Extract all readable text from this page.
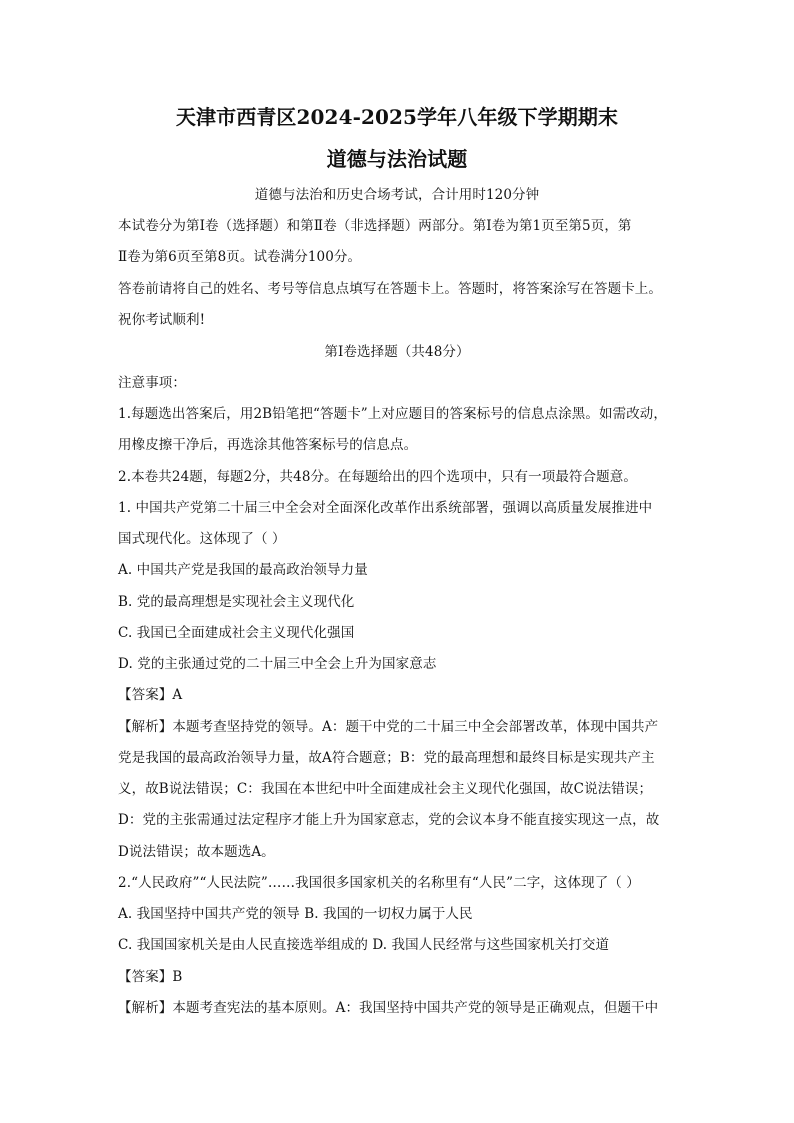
天津市西青区2024-2025学年八年级下学期期末
道德与法治试题
道德与法治和历史合场考试，合计用时120分钟
本试卷分为第Ⅰ卷（选择题）和第Ⅱ卷（非选择题）两部分。第Ⅰ卷为第1页至第5页，第
Ⅱ卷为第6页至第8页。试卷满分100分。
答卷前请将自己的姓名、考号等信息点填写在答题卡上。答题时，将答案涂写在答题卡上。
祝你考试顺利!
第Ⅰ卷选择题（共48分）
注意事项：
1.每题选出答案后，用2B铅笔把“答题卡”上对应题目的答案标号的信息点涂黑。如需改动，
用橡皮擦干净后，再选涂其他答案标号的信息点。
2.本卷共24题，每题2分，共48分。在每题给出的四个选项中，只有一项最符合题意。
1. 中国共产党第二十届三中全会对全面深化改革作出系统部署，强调以高质量发展推进中
国式现代化。这体现了（ ）
A. 中国共产党是我国的最高政治领导力量
B. 党的最高理想是实现社会主义现代化
C. 我国已全面建成社会主义现代化强国
D. 党的主张通过党的二十届三中全会上升为国家意志
【答案】A
【解析】本题考查坚持党的领导。A：题干中党的二十届三中全会部署改革，体现中国共产
党是我国的最高政治领导力量，故A符合题意；B：党的最高理想和最终目标是实现共产主
义，故B说法错误；C：我国在本世纪中叶全面建成社会主义现代化强国，故C说法错误；
D：党的主张需通过法定程序才能上升为国家意志，党的会议本身不能直接实现这一点，故
D说法错误；故本题选A。
2.“人民政府”“人民法院”……我国很多国家机关的名称里有“人民”二字，这体现了（ ）
A. 我国坚持中国共产党的领导 B. 我国的一切权力属于人民
C. 我国国家机关是由人民直接选举组成的 D. 我国人民经常与这些国家机关打交道
【答案】B
【解析】本题考查宪法的基本原则。A：我国坚持中国共产党的领导是正确观点，但题干中
